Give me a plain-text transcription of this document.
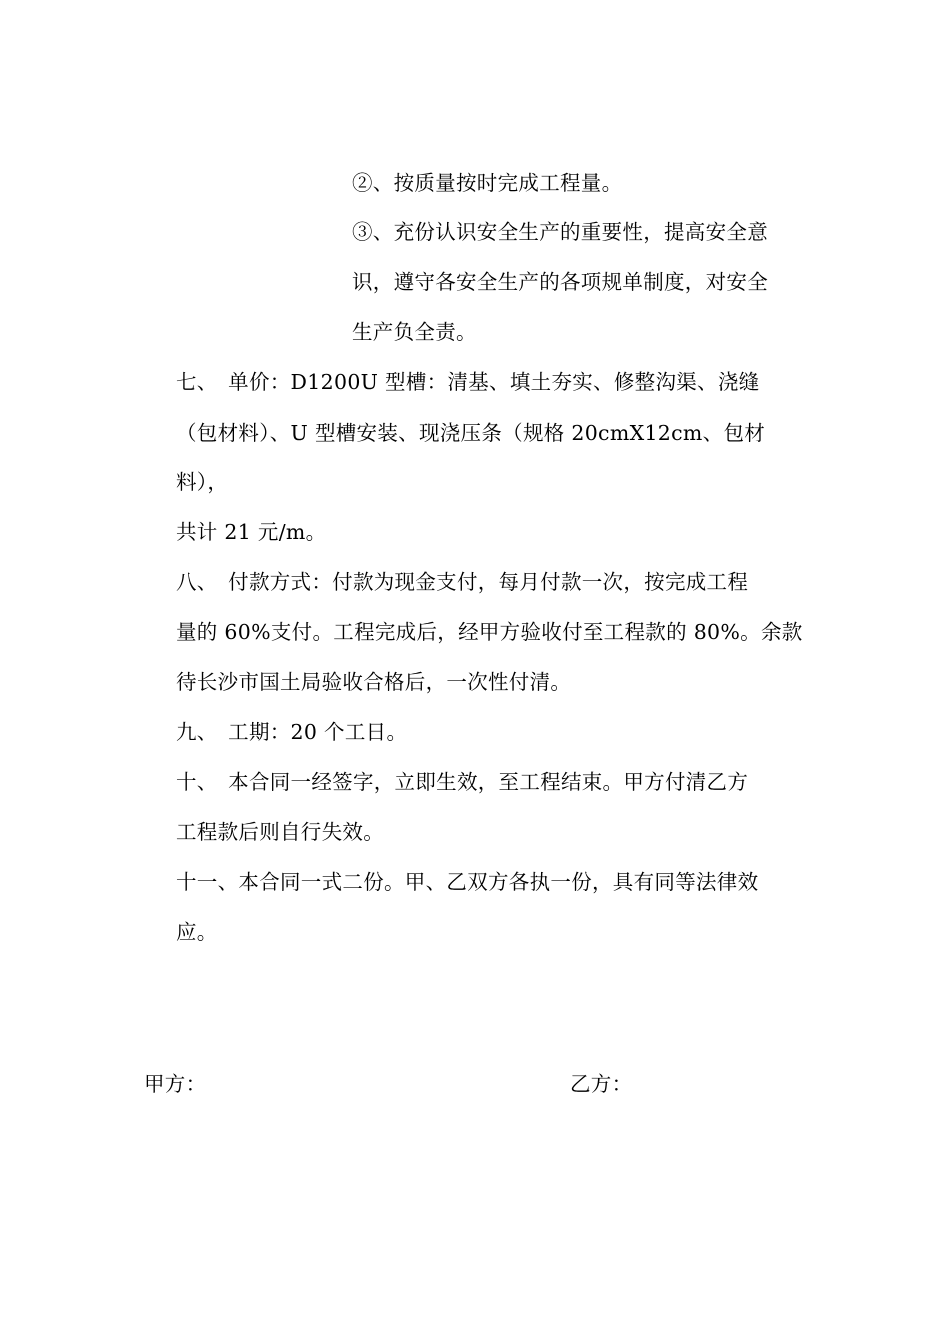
②、按质量按时完成工程量。
③、充份认识安全生产的重要性，提高安全意
识，遵守各安全生产的各项规单制度，对安全
生产负全责。
七、　单价：D1200U 型槽：清基、填土夯实、修整沟渠、浇缝
（包材料）、U 型槽安装、现浇压条（规格 20cmX12cm、包材
料），
共计 21 元/m。
八、　付款方式：付款为现金支付，每月付款一次，按完成工程
量的 60%支付。工程完成后，经甲方验收付至工程款的 80%。余款
待长沙市国土局验收合格后，一次性付清。
九、　工期：20 个工日。
十、　本合同一经签字，立即生效，至工程结束。甲方付清乙方
工程款后则自行失效。
十一、本合同一式二份。甲、乙双方各执一份，具有同等法律效
应。
甲方：	乙方：
